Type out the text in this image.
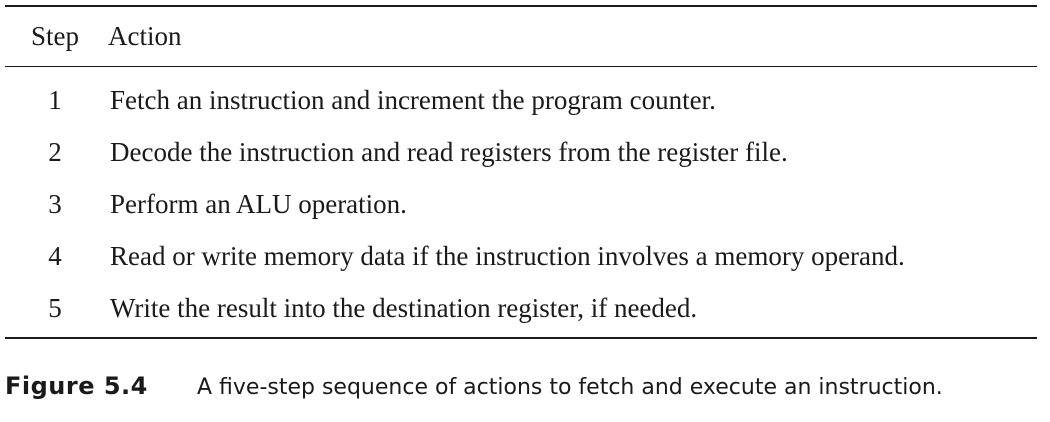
Step	Action
1	Fetch an instruction and increment the program counter.
2	Decode the instruction and read registers from the register file.
3	Perform an ALU operation.
4	Read or write memory data if the instruction involves a memory operand.
5	Write the result into the destination register, if needed.
Figure 5.4	A five-step sequence of actions to fetch and execute an instruction.
